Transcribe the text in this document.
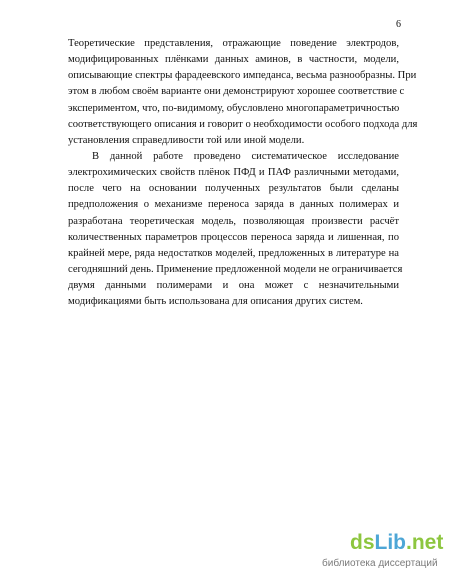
6

Теоретические представления, отражающие поведение электродов,
модифицированных плёнками данных аминов, в частности, модели,
описывающие спектры фарадеевского импеданса, весьма разнообразны. При
этом в любом своём варианте они демонстрируют хорошее соответствие с
экспериментом, что, по-видимому, обусловлено многопараметричностью
соответствующего описания и говорит о необходимости особого подхода для
установления справедливости той или иной модели.

В данной работе проведено систематическое исследование
электрохимических свойств плёнок ПФД и ПАФ различными методами,
после чего на основании полученных результатов были сделаны
предположения о механизме переноса заряда в данных полимерах и
разработана теоретическая модель, позволяющая произвести расчёт
количественных параметров процессов переноса заряда и лишенная, по
крайней мере, ряда недостатков моделей, предложенных в литературе на
сегодняшний день. Применение предложенной модели не ограничивается
двумя данными полимерами и она может с незначительными
модификациями быть использована для описания других систем.

dsLib.net
библиотека диссертаций
